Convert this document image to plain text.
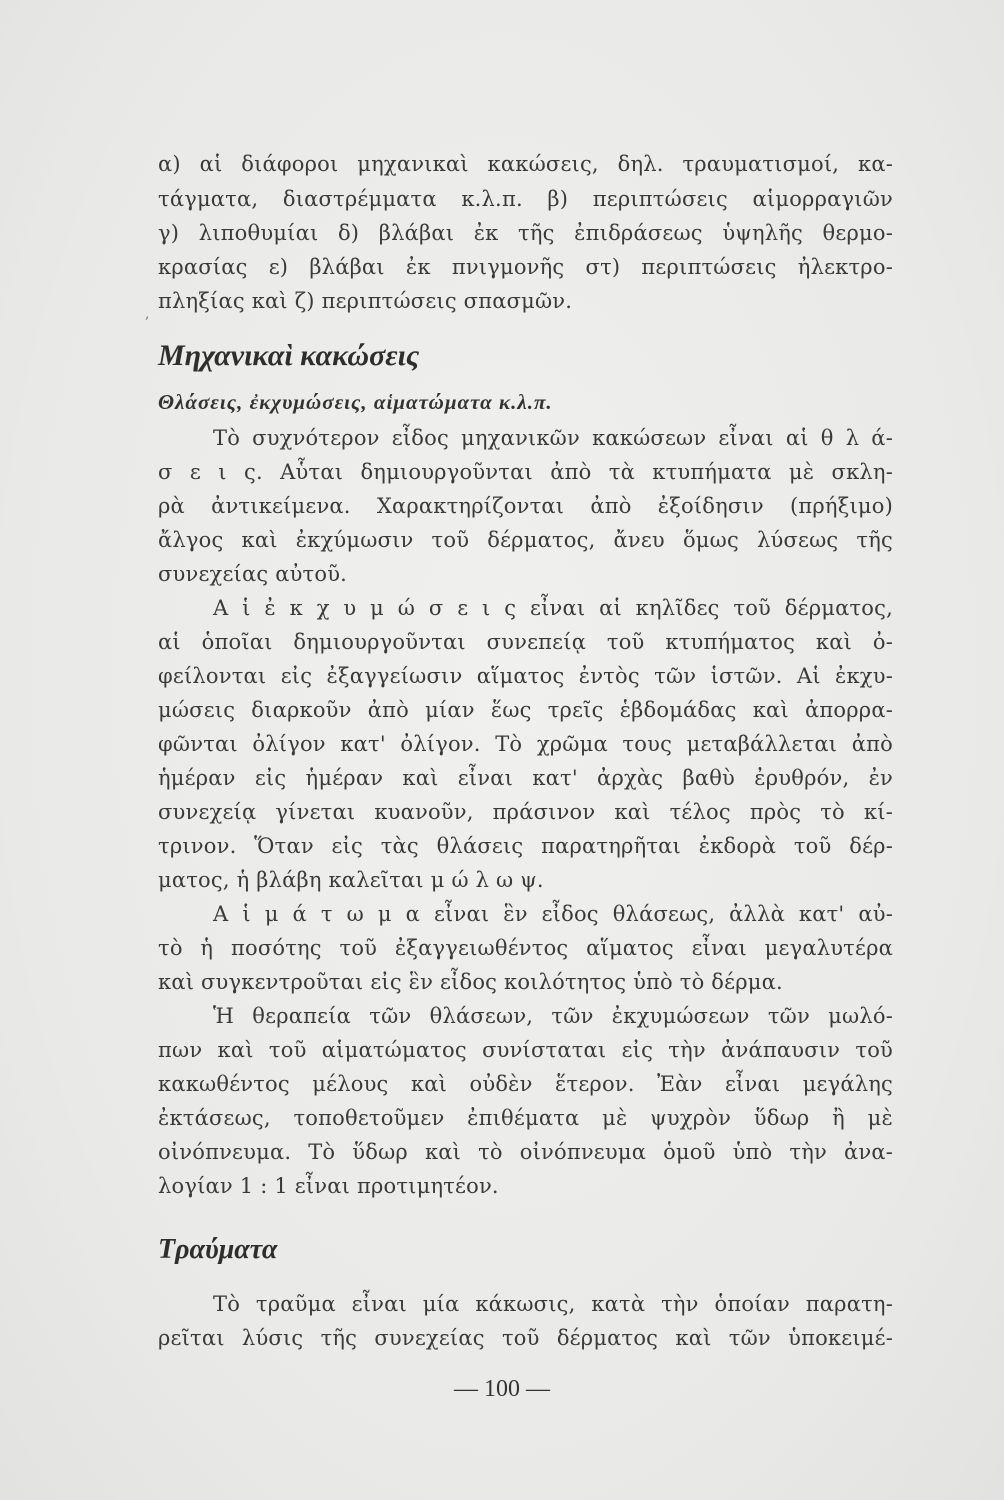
α) αἱ διάφοροι μηχανικαὶ κακώσεις, δηλ. τραυματισμοί, κα-
τάγματα, διαστρέμματα κ.λ.π. β) περιπτώσεις αἱμορραγιῶν
γ) λιποθυμίαι δ) βλάβαι ἐκ τῆς ἐπιδράσεως ὑψηλῆς θερμο-
κρασίας ε) βλάβαι ἐκ πνιγμονῆς στ) περιπτώσεις ἠλεκτρο-
πληξίας καὶ ζ) περιπτώσεις σπασμῶν.
,
Μηχανικαὶ κακώσεις
Θλάσεις, ἐκχυμώσεις, αἱματώματα κ.λ.π.
Τὸ συχνότερον εἶδος μηχανικῶν κακώσεων εἶναι αἱ θ λ ά-
σ ε ι ς. Αὗται δημιουργοῦνται ἀπὸ τὰ κτυπήματα μὲ σκλη-
ρὰ ἀντικείμενα. Χαρακτηρίζονται ἀπὸ ἐξοίδησιν (πρήξιμο)
ἄλγος καὶ ἐκχύμωσιν τοῦ δέρματος, ἄνευ ὅμως λύσεως τῆς
συνεχείας αὐτοῦ.
Α ἱ ἐ κ χ υ μ ώ σ ε ι ς εἶναι αἱ κηλῖδες τοῦ δέρματος,
αἱ ὁποῖαι δημιουργοῦνται συνεπείᾳ τοῦ κτυπήματος καὶ ὀ-
φείλονται εἰς ἐξαγγείωσιν αἵματος ἐντὸς τῶν ἱστῶν. Αἱ ἐκχυ-
μώσεις διαρκοῦν ἀπὸ μίαν ἕως τρεῖς ἑβδομάδας καὶ ἀπορρα-
φῶνται ὀλίγον κατ' ὀλίγον. Τὸ χρῶμα τους μεταβάλλεται ἀπὸ
ἡμέραν εἰς ἡμέραν καὶ εἶναι κατ' ἀρχὰς βαθὺ ἐρυθρόν, ἐν
συνεχείᾳ γίνεται κυανοῦν, πράσινον καὶ τέλος πρὸς τὸ κί-
τρινον. Ὅταν εἰς τὰς θλάσεις παρατηρῆται ἐκδορὰ τοῦ δέρ-
ματος, ἡ βλάβη καλεῖται μ ώ λ ω ψ.
Α ἱ μ ά τ ω μ α εἶναι ἓν εἶδος θλάσεως, ἀλλὰ κατ' αὐ-
τὸ ἡ ποσότης τοῦ ἐξαγγειωθέντος αἵματος εἶναι μεγαλυτέρα
καὶ συγκεντροῦται εἰς ἓν εἶδος κοιλότητος ὑπὸ τὸ δέρμα.
Ἡ θεραπεία τῶν θλάσεων, τῶν ἐκχυμώσεων τῶν μωλό-
πων καὶ τοῦ αἱματώματος συνίσταται εἰς τὴν ἀνάπαυσιν τοῦ
κακωθέντος μέλους καὶ οὐδὲν ἕτερον. Ἐὰν εἶναι μεγάλης
ἐκτάσεως, τοποθετοῦμεν ἐπιθέματα μὲ ψυχρὸν ὕδωρ ἢ μὲ
οἰνόπνευμα. Τὸ ὕδωρ καὶ τὸ οἰνόπνευμα ὁμοῦ ὑπὸ τὴν ἀνα-
λογίαν 1 : 1 εἶναι προτιμητέον.
Τραύματα
Τὸ τραῦμα εἶναι μία κάκωσις, κατὰ τὴν ὁποίαν παρατη-
ρεῖται λύσις τῆς συνεχείας τοῦ δέρματος καὶ τῶν ὑποκειμέ-
— 100 —
